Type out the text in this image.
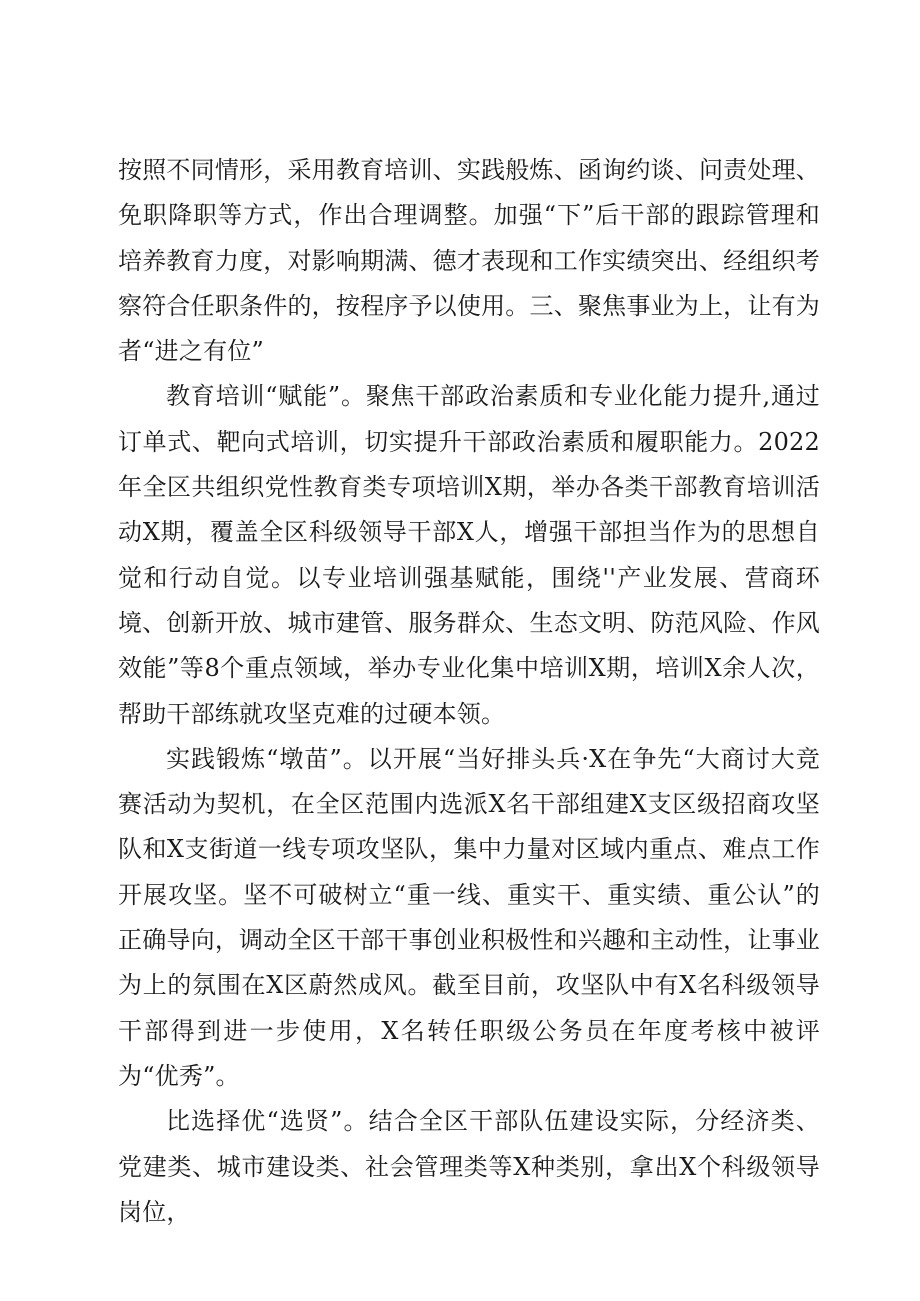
按照不同情形，采用教育培训、实践般炼、函询约谈、问责处理、免职降职等方式，作出合理调整。加强“下”后干部的跟踪管理和培养教育力度，对影响期满、德才表现和工作实绩突出、经组织考察符合任职条件的，按程序予以使用。三、聚焦事业为上，让有为者“进之有位”

教育培训“赋能”。聚焦干部政治素质和专业化能力提升,通过订单式、靶向式培训，切实提升干部政治素质和履职能力。2022年全区共组织党性教育类专项培训X期，举办各类干部教育培训活动X期，覆盖全区科级领导干部X人，增强干部担当作为的思想自觉和行动自觉。以专业培训强基赋能，围绕''产业发展、营商环境、创新开放、城市建管、服务群众、生态文明、防范风险、作风效能”等8个重点领域，举办专业化集中培训X期，培训X余人次，帮助干部练就攻坚克难的过硬本领。

实践锻炼“墩苗”。以开展“当好排头兵·X在争先“大商讨大竞赛活动为契机，在全区范围内选派X名干部组建X支区级招商攻坚队和X支街道一线专项攻坚队，集中力量对区域内重点、难点工作开展攻坚。坚不可破树立“重一线、重实干、重实绩、重公认”的正确导向，调动全区干部干事创业积极性和兴趣和主动性，让事业为上的氛围在X区蔚然成风。截至目前，攻坚队中有X名科级领导干部得到进一步使用，X名转任职级公务员在年度考核中被评为“优秀”。

比选择优“选贤”。结合全区干部队伍建设实际，分经济类、党建类、城市建设类、社会管理类等X种类别，拿出X个科级领导岗位，
